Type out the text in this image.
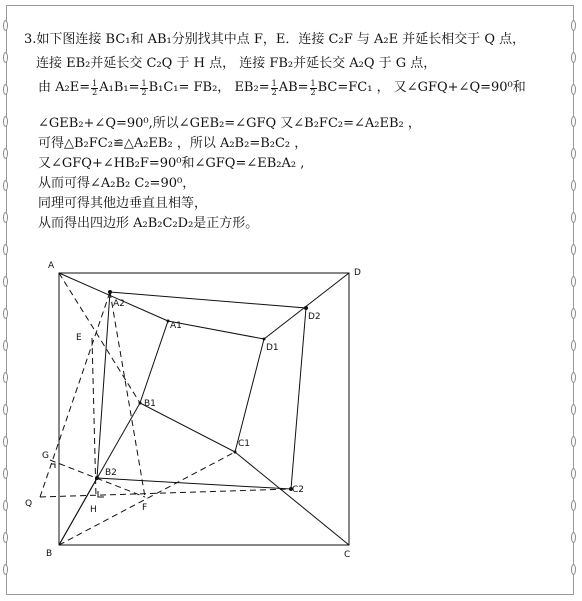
3.如下图连接 BC₁和 AB₁分别找其中点 F，E．连接 C₂F 与 A₂E 并延长相交于 Q 点，
连接 EB₂并延长交 C₂Q 于 H 点， 连接 FB₂并延长交 A₂Q 于 G 点，
由 $A_2E= \frac{1}{2} A_1B_1= \frac{1}{2} B_1C_1= FB_2$， $EB_2= \frac{1}{2} AB= \frac{1}{2} BC=FC_1$ ， 又∠GFQ+∠Q=90⁰和
∠GEB₂+∠Q=90⁰,所以∠GEB₂=∠GFQ 又∠B₂FC₂=∠A₂EB₂ ，
可得△B₂FC₂≌△A₂EB₂ ，所以 A₂B₂=B₂C₂ ，
又∠GFQ+∠HB₂F=90⁰和∠GFQ=∠EB₂A₂ ,
从而可得∠A₂B₂ C₂=90⁰，
同理可得其他边垂直且相等，
从而得出四边形 A₂B₂C₂D₂是正方形。
A
D
B	C
A1
D1
B1
C1
A2
D2
B2
C2
E
G
Q
H	F
